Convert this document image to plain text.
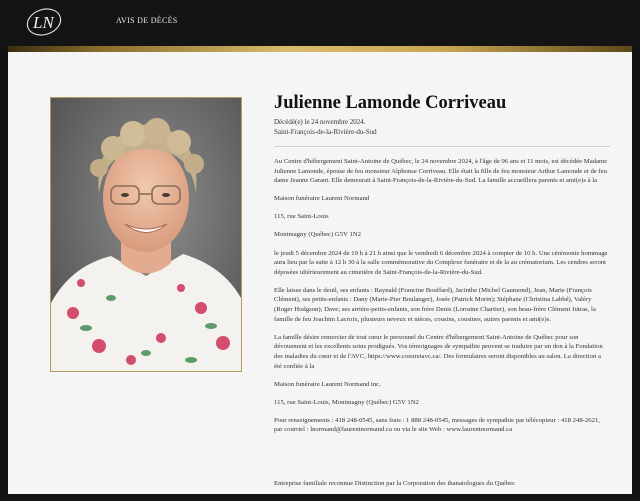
LN	AVIS DE DÉCÈS
Julienne Lamonde Corriveau
Décédé(e) le 24 novembre 2024.
Saint-François-de-la-Rivière-du-Sud

Au Centre d'hébergement Saint-Antoine de Québec, le 24 novembre 2024, à l'âge de 96 ans et 11 mois, est décédée Madame Julienne Lamonde, épouse de feu monsieur Alphonse Corriveau. Elle était la fille de feu monsieur Arthur Lamonde et de feu dame Jeanne Garant. Elle demeurait à Saint-François-de-la-Rivière-du-Sud. La famille accueillera parents et ami(e)s à la

Maison funéraire Laurent Normand

115, rue Saint-Louis

Montmagny (Québec) G5V 1N2

le jeudi 5 décembre 2024 de 19 h à 21 h ainsi que le vendredi 6 décembre 2024 à compter de 10 h. Une cérémonie hommage aura lieu par la suite à 12 h 30 à la salle commémorative du Complexe funéraire et de la au crématorium. Les cendres seront déposées ultérieurement au cimetière de Saint-François-de-la-Rivière-du-Sud.

Elle laisse dans le deuil, ses enfants : Raynald (Francine Bouffard), Jacinthe (Michel Gaumond), Jean, Marie (François Clément), ses petits-enfants : Dany (Marie-Pier Boulanger), Josée (Patrick Morin); Stéphane (Christina Labbé), Valéry (Roger Hodgson); Dave; ses arrière-petits-enfants, son frère Denis (Lorraine Chartier), son beau-frère Clément Jutras, la famille de feu Joachim Lacroix, plusieurs neveux et nièces, cousins, cousines, autres parents et ami(e)s.

La famille désire remercier de tout cœur le personnel du Centre d'hébergement Saint-Antoine de Québec pour son dévouement et les excellents soins prodigués. Vos témoignages de sympathie peuvent se traduire par un don à la Fondation des maladies du cœur et de l'AVC, https://www.coeuretavc.ca/. Des formulaires seront disponibles au salon. La direction a été confiée à la

Maison funéraire Laurent Normand inc.

115, rue Saint-Louis, Montmagny (Québec) G5V 1N2

Pour renseignements : 418 248-0545, sans frais : 1 888 248-0545, messages de sympathie par télécopieur : 418 248-2621, par courriel : lnormand@laurentnormand.ca ou via le site Web : www.laurentnormand.ca

Entreprise familiale reconnue Distinction par la Corporation des thanatologues du Québec
